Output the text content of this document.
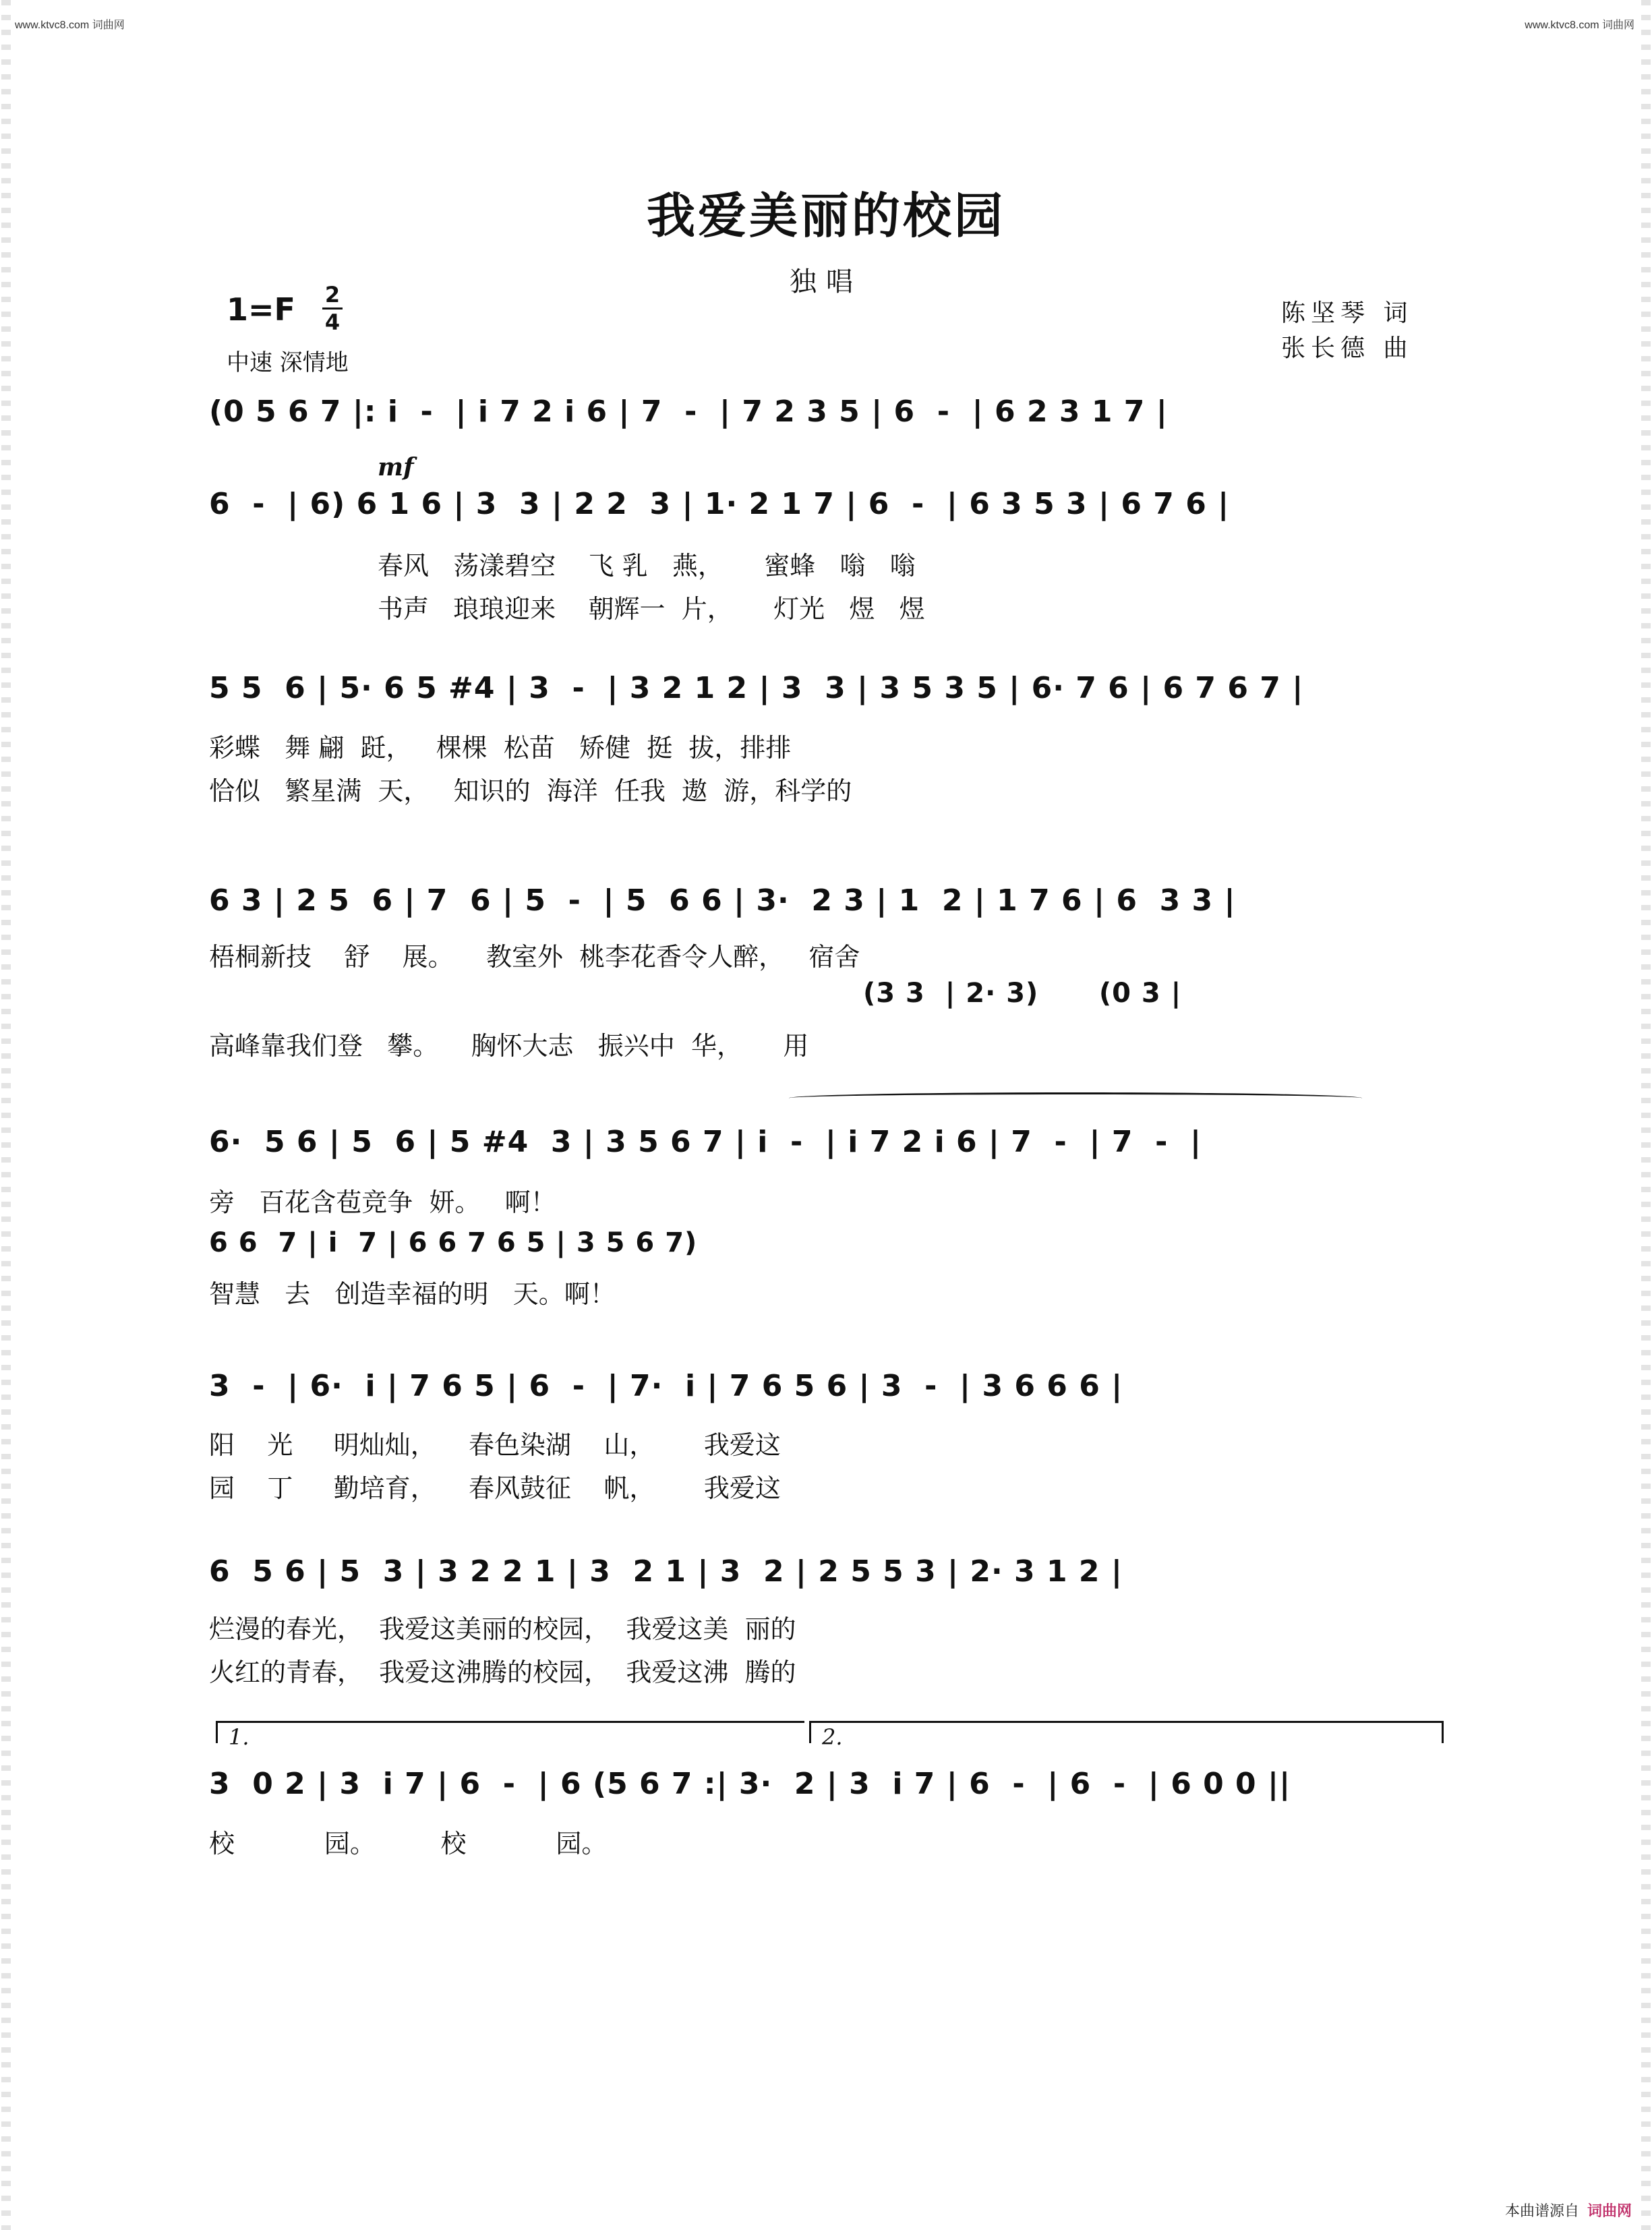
www.ktvc8.com 词曲网	www.ktvc8.com 词曲网
我爱美丽的校园
独唱
1=F 2
4
中速 深情地
陈坚琴 词
张长德 曲
(0 5 6 7 |: i  -  | i 7 2 i 6 | 7  -  | 7 2 3 5 | 6  -  | 6 2 3 1 7 |
mf
6  -  | 6) 6 1 6 | 3  3 | 2 2  3 | 1· 2 1 7 | 6  -  | 6 3 5 3 | 6 7 6 |
春风   荡漾碧空    飞 乳   燕，     蜜蜂   嗡   嗡
书声   琅琅迎来    朝辉一  片，     灯光   煜   煜
5 5  6 | 5· 6 5 #4 | 3  -  | 3 2 1 2 | 3  3 | 3 5 3 5 | 6· 7 6 | 6 7 6 7 |
彩蝶   舞 翩  跹，   棵棵  松苗   矫健  挺  拔，排排
恰似   繁星满  天，   知识的  海洋  任我  遨  游，科学的
6 3 | 2 5  6 | 7  6 | 5  -  | 5  6 6 | 3·  2 3 | 1  2 | 1 7 6 | 6  3 3 |
梧桐新技    舒    展。    教室外  桃李花香令人醉，   宿舍
(3 3  | 2· 3)      (0 3 |
高峰靠我们登   攀。    胸怀大志   振兴中  华，     用
6·  5 6 | 5  6 | 5 #4  3 | 3 5 6 7 | i  -  | i 7 2 i 6 | 7  -  | 7  -  |
旁   百花含苞竞争  妍。   啊！
6 6  7 | i  7 | 6 6 7 6 5 | 3 5 6 7)
智慧   去   创造幸福的明   天。啊！
3  -  | 6·  i | 7 6 5 | 6  -  | 7·  i | 7 6 5 6 | 3  -  | 3 6 6 6 |
阳    光     明灿灿，    春色染湖    山，      我爱这
园    丁     勤培育，    春风鼓征    帆，      我爱这
6  5 6 | 5  3 | 3 2 2 1 | 3  2 1 | 3  2 | 2 5 5 3 | 2· 3 1 2 |
烂漫的春光，  我爱这美丽的校园，  我爱这美  丽的
火红的青春，  我爱这沸腾的校园，  我爱这沸  腾的
1.	2.
3  0 2 | 3  i 7 | 6  -  | 6 (5 6 7 :| 3·  2 | 3  i 7 | 6  -  | 6  -  | 6 0 0 ||
校           园。        校           园。
本曲谱源自 词曲网
